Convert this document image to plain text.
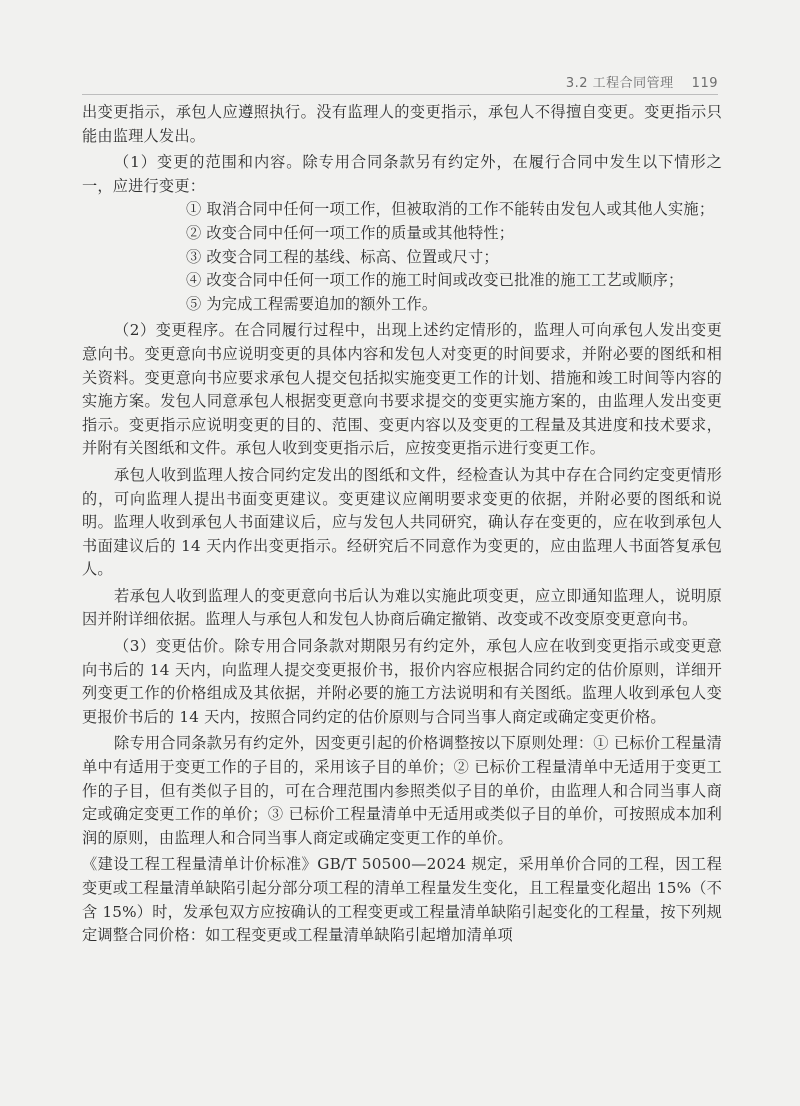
3.2 工程合同管理 119

出变更指示，承包人应遵照执行。没有监理人的变更指示，承包人不得擅自变更。变更指示只能由监理人发出。

（1）变更的范围和内容。除专用合同条款另有约定外，在履行合同中发生以下情形之一，应进行变更：

① 取消合同中任何一项工作，但被取消的工作不能转由发包人或其他人实施；

② 改变合同中任何一项工作的质量或其他特性；

③ 改变合同工程的基线、标高、位置或尺寸；

④ 改变合同中任何一项工作的施工时间或改变已批准的施工工艺或顺序；

⑤ 为完成工程需要追加的额外工作。

（2）变更程序。在合同履行过程中，出现上述约定情形的，监理人可向承包人发出变更意向书。变更意向书应说明变更的具体内容和发包人对变更的时间要求，并附必要的图纸和相关资料。变更意向书应要求承包人提交包括拟实施变更工作的计划、措施和竣工时间等内容的实施方案。发包人同意承包人根据变更意向书要求提交的变更实施方案的，由监理人发出变更指示。变更指示应说明变更的目的、范围、变更内容以及变更的工程量及其进度和技术要求，并附有关图纸和文件。承包人收到变更指示后，应按变更指示进行变更工作。

承包人收到监理人按合同约定发出的图纸和文件，经检查认为其中存在合同约定变更情形的，可向监理人提出书面变更建议。变更建议应阐明要求变更的依据，并附必要的图纸和说明。监理人收到承包人书面建议后，应与发包人共同研究，确认存在变更的，应在收到承包人书面建议后的 14 天内作出变更指示。经研究后不同意作为变更的，应由监理人书面答复承包人。

若承包人收到监理人的变更意向书后认为难以实施此项变更，应立即通知监理人，说明原因并附详细依据。监理人与承包人和发包人协商后确定撤销、改变或不改变原变更意向书。

（3）变更估价。除专用合同条款对期限另有约定外，承包人应在收到变更指示或变更意向书后的 14 天内，向监理人提交变更报价书，报价内容应根据合同约定的估价原则，详细开列变更工作的价格组成及其依据，并附必要的施工方法说明和有关图纸。监理人收到承包人变更报价书后的 14 天内，按照合同约定的估价原则与合同当事人商定或确定变更价格。

除专用合同条款另有约定外，因变更引起的价格调整按以下原则处理：① 已标价工程量清单中有适用于变更工作的子目的，采用该子目的单价；② 已标价工程量清单中无适用于变更工作的子目，但有类似子目的，可在合理范围内参照类似子目的单价，由监理人和合同当事人商定或确定变更工作的单价；③ 已标价工程量清单中无适用或类似子目的单价，可按照成本加利润的原则，由监理人和合同当事人商定或确定变更工作的单价。

《建设工程工程量清单计价标准》GB/T 50500—2024 规定，采用单价合同的工程，因工程变更或工程量清单缺陷引起分部分项工程的清单工程量发生变化，且工程量变化超出 15%（不含 15%）时，发承包双方应按确认的工程变更或工程量清单缺陷引起变化的工程量，按下列规定调整合同价格：如工程变更或工程量清单缺陷引起增加清单项
